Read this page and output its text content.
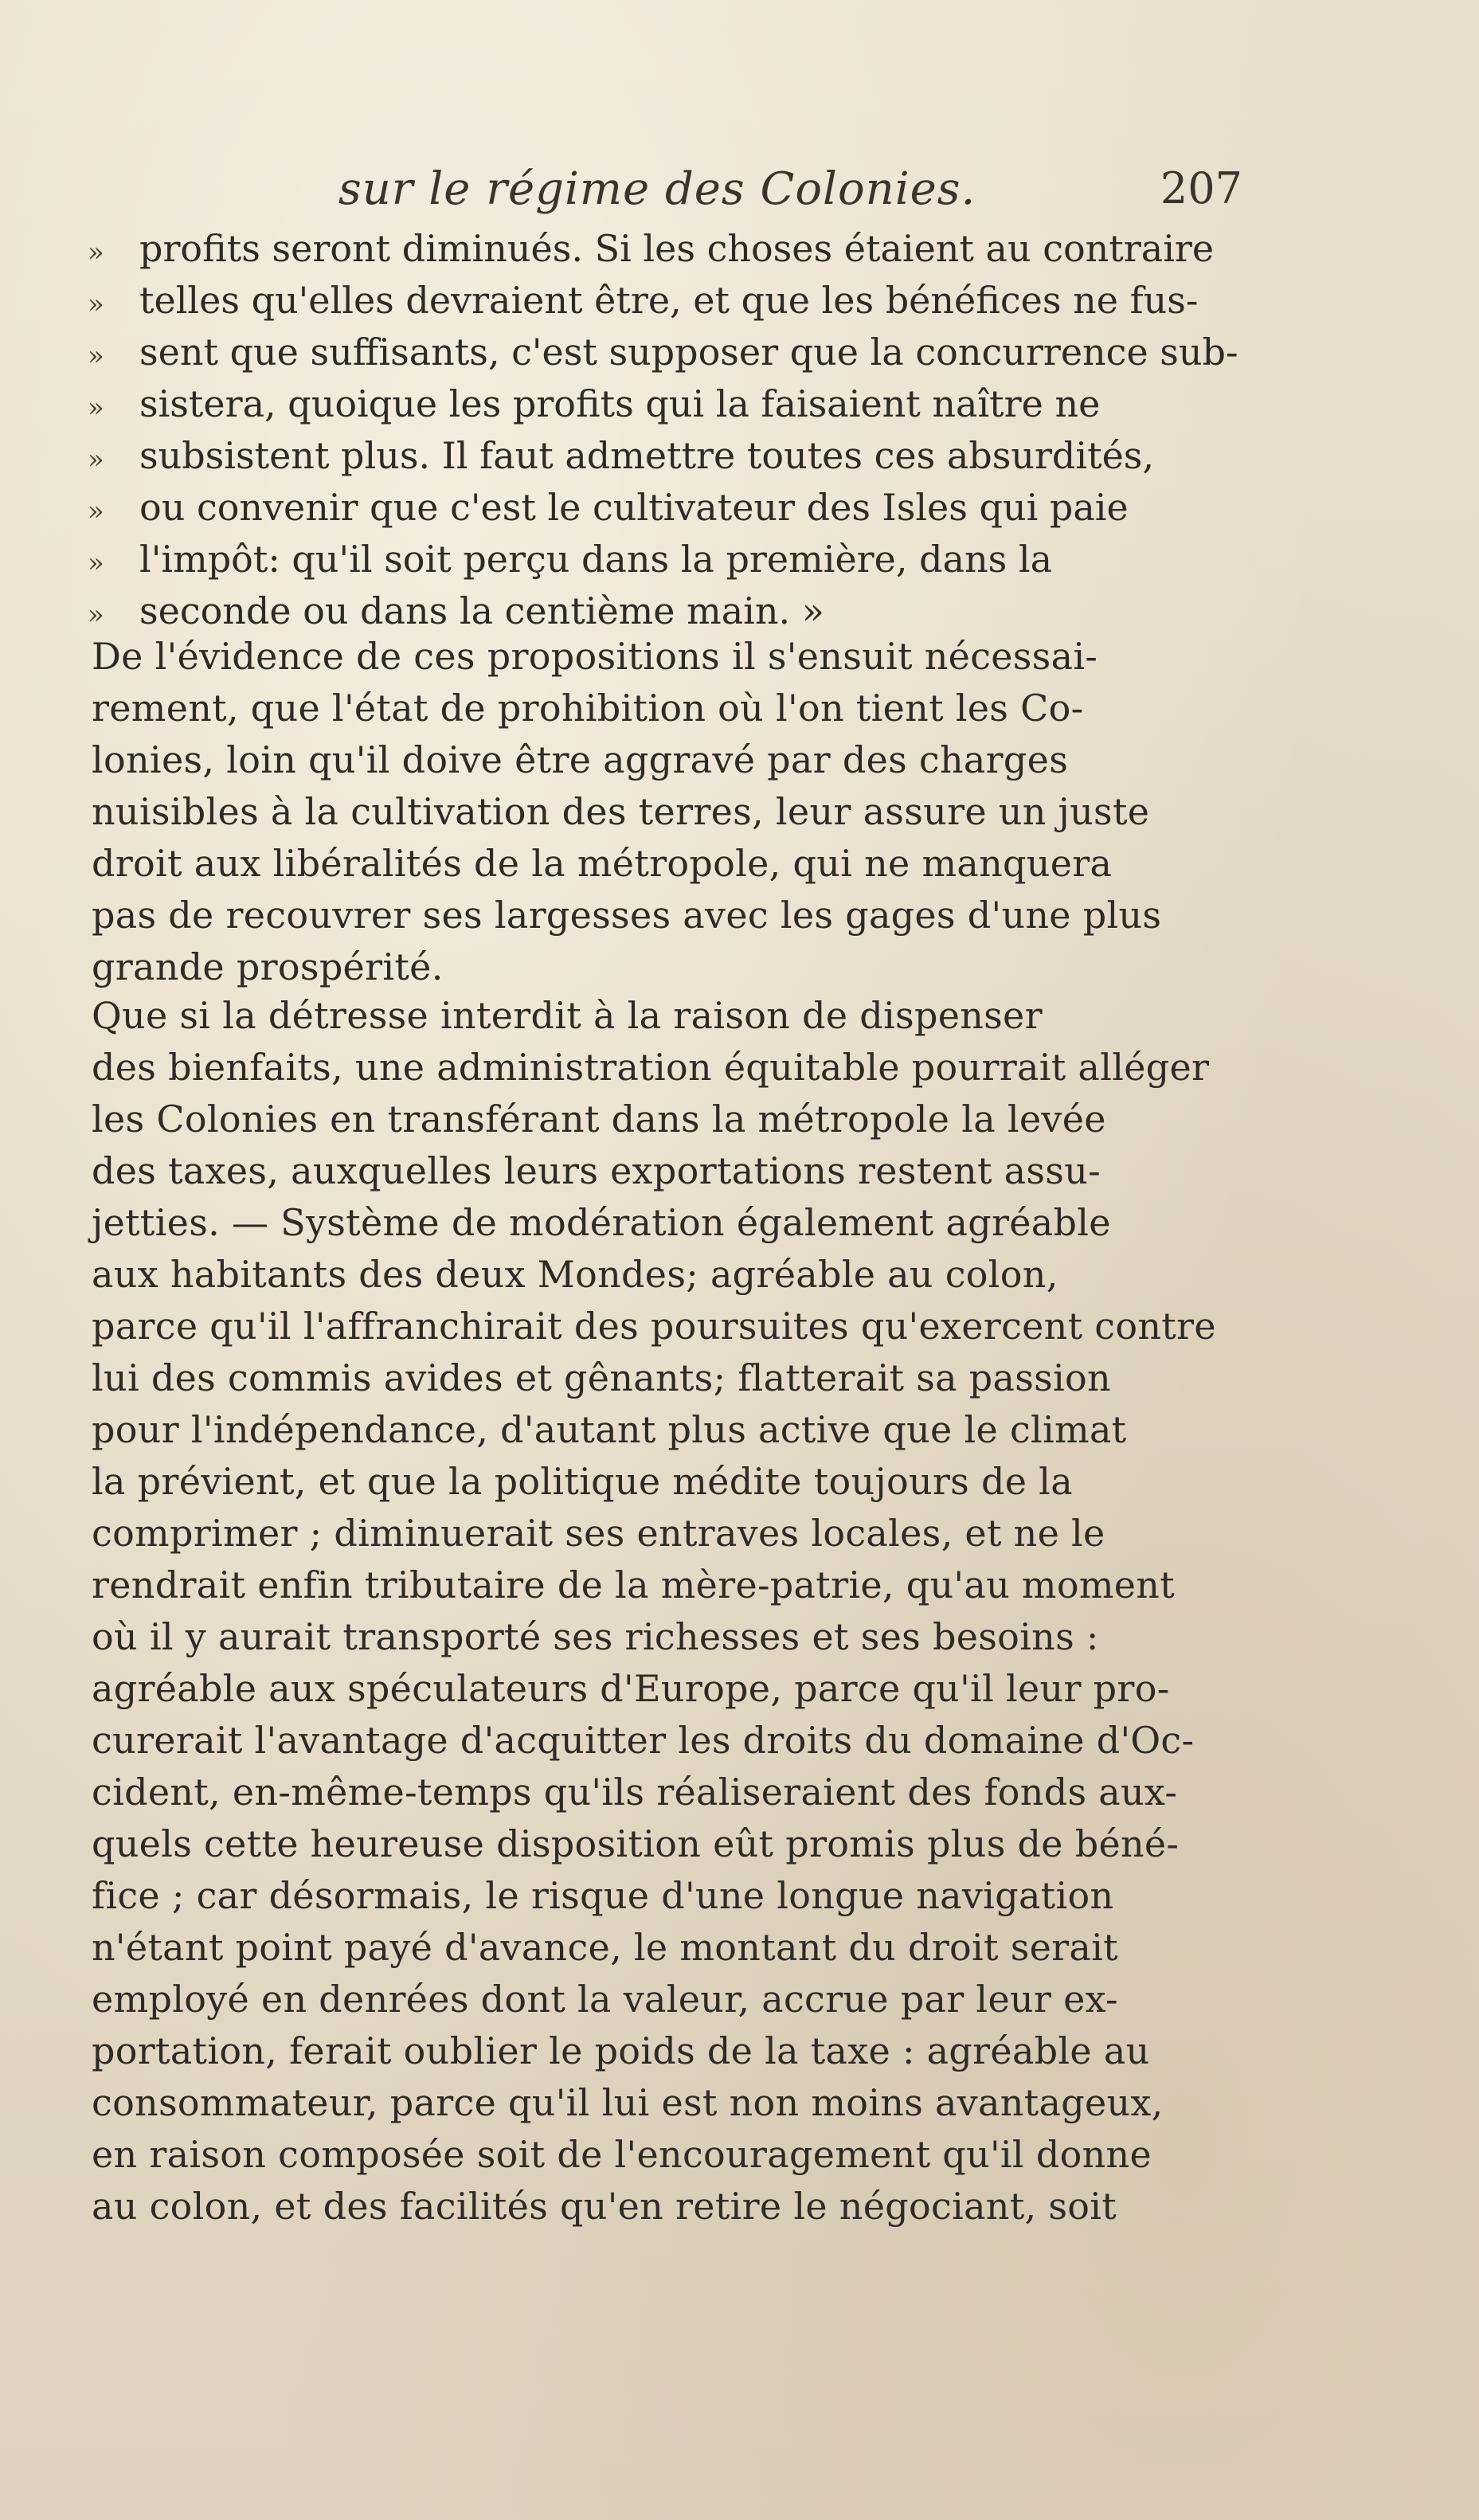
sur le régime des Colonies.	207
» profits seront diminués. Si les choses étaient au contraire
» telles qu'elles devraient être, et que les bénéfices ne fus-
» sent que suffisants, c'est supposer que la concurrence sub-
» sistera, quoique les profits qui la faisaient naître ne
» subsistent plus. Il faut admettre toutes ces absurdités,
» ou convenir que c'est le cultivateur des Isles qui paie
» l'impôt: qu'il soit perçu dans la première, dans la
» seconde ou dans la centième main. »
De l'évidence de ces propositions il s'ensuit nécessai-
rement, que l'état de prohibition où l'on tient les Co-
lonies, loin qu'il doive être aggravé par des charges
nuisibles à la cultivation des terres, leur assure un juste
droit aux libéralités de la métropole, qui ne manquera
pas de recouvrer ses largesses avec les gages d'une plus
grande prospérité.
Que si la détresse interdit à la raison de dispenser
des bienfaits, une administration équitable pourrait alléger
les Colonies en transférant dans la métropole la levée
des taxes, auxquelles leurs exportations restent assu-
jetties. — Système de modération également agréable
aux habitants des deux Mondes; agréable au colon,
parce qu'il l'affranchirait des poursuites qu'exercent contre
lui des commis avides et gênants; flatterait sa passion
pour l'indépendance, d'autant plus active que le climat
la prévient, et que la politique médite toujours de la
comprimer ; diminuerait ses entraves locales, et ne le
rendrait enfin tributaire de la mère-patrie, qu'au moment
où il y aurait transporté ses richesses et ses besoins :
agréable aux spéculateurs d'Europe, parce qu'il leur pro-
curerait l'avantage d'acquitter les droits du domaine d'Oc-
cident, en-même-temps qu'ils réaliseraient des fonds aux-
quels cette heureuse disposition eût promis plus de béné-
fice ; car désormais, le risque d'une longue navigation
n'étant point payé d'avance, le montant du droit serait
employé en denrées dont la valeur, accrue par leur ex-
portation, ferait oublier le poids de la taxe : agréable au
consommateur, parce qu'il lui est non moins avantageux,
en raison composée soit de l'encouragement qu'il donne
au colon, et des facilités qu'en retire le négociant, soit
